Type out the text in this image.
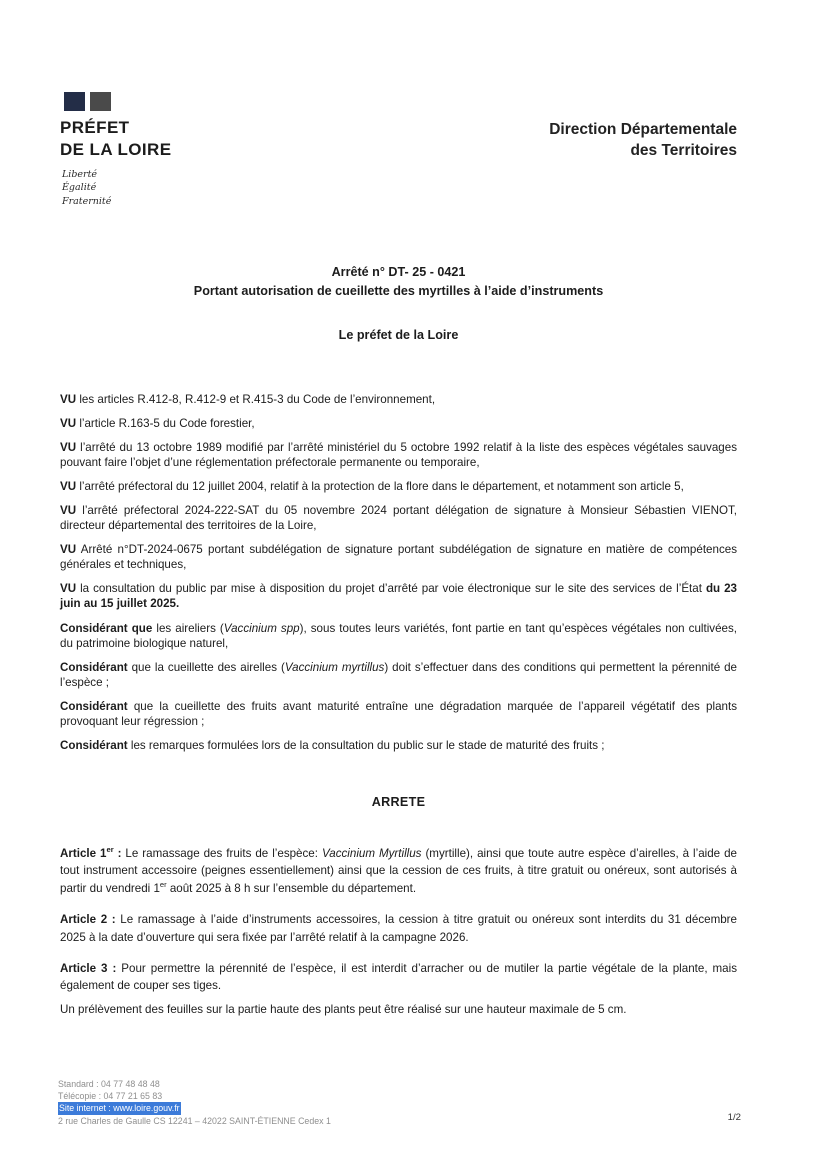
PRÉFET
DE LA LOIRE
Liberté
Égalité
Fraternité
Direction Départementale
des Territoires
Arrêté n° DT- 25 - 0421
Portant autorisation de cueillette des myrtilles à l’aide d’instruments
Le préfet de la Loire

VU les articles R.412-8, R.412-9 et R.415-3 du Code de l’environnement,

VU l’article R.163-5 du Code forestier,

VU l’arrêté du 13 octobre 1989 modifié par l’arrêté ministériel du 5 octobre 1992 relatif à la liste des espèces végétales sauvages pouvant faire l’objet d’une réglementation préfectorale permanente ou temporaire,

VU l’arrêté préfectoral du 12 juillet 2004, relatif à la protection de la flore dans le département, et notamment son article 5,

VU l’arrêté préfectoral 2024-222-SAT du 05 novembre 2024 portant délégation de signature à Monsieur Sébastien VIENOT, directeur départemental des territoires de la Loire,

VU Arrêté n°DT-2024-0675 portant subdélégation de signature portant subdélégation de signature en matière de compétences générales et techniques,

VU la consultation du public par mise à disposition du projet d’arrêté par voie électronique sur le site des services de l’État du 23 juin au 15 juillet 2025.

Considérant que les aireliers (Vaccinium spp), sous toutes leurs variétés, font partie en tant qu’espèces végétales non cultivées, du patrimoine biologique naturel,

Considérant que la cueillette des airelles (Vaccinium myrtillus) doit s’effectuer dans des conditions qui permettent la pérennité de l’espèce ;

Considérant que la cueillette des fruits avant maturité entraîne une dégradation marquée de l’appareil végétatif des plants provoquant leur régression ;

Considérant les remarques formulées lors de la consultation du public sur le stade de maturité des fruits ;

ARRETE

Article 1er : Le ramassage des fruits de l’espèce: Vaccinium Myrtillus (myrtille), ainsi que toute autre espèce d’airelles, à l’aide de tout instrument accessoire (peignes essentiellement) ainsi que la cession de ces fruits, à titre gratuit ou onéreux, sont autorisés à partir du vendredi 1er août 2025 à 8 h sur l’ensemble du département.

Article 2 : Le ramassage à l’aide d’instruments accessoires, la cession à titre gratuit ou onéreux sont interdits du 31 décembre 2025 à la date d’ouverture qui sera fixée par l’arrêté relatif à la campagne 2026.

Article 3 : Pour permettre la pérennité de l’espèce, il est interdit d’arracher ou de mutiler la partie végétale de la plante, mais également de couper ses tiges.

Un prélèvement des feuilles sur la partie haute des plants peut être réalisé sur une hauteur maximale de 5 cm.

Standard : 04 77 48 48 48
Télécopie : 04 77 21 65 83
Site internet : www.loire.gouv.fr
2 rue Charles de Gaulle CS 12241 – 42022 SAINT-ÉTIENNE Cedex 1	1/2
